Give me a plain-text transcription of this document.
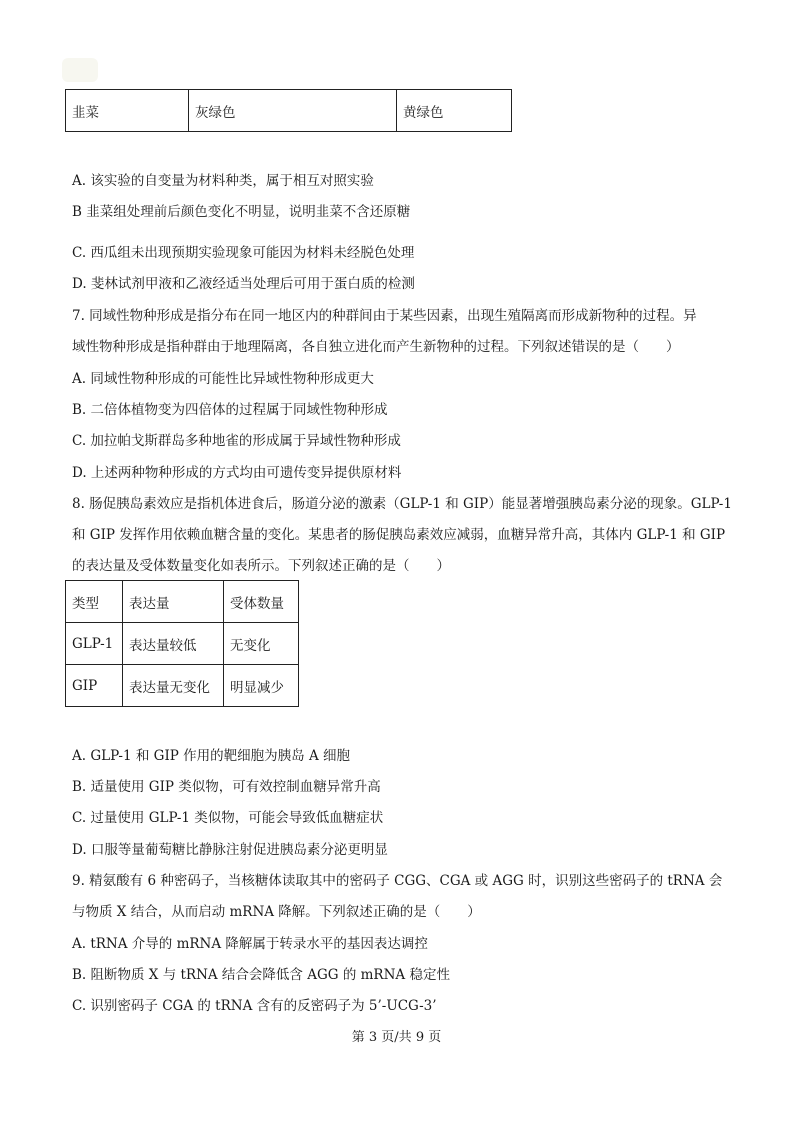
韭菜	灰绿色	黄绿色
A. 该实验的自变量为材料种类，属于相互对照实验
B 韭菜组处理前后颜色变化不明显，说明韭菜不含还原糖
C. 西瓜组未出现预期实验现象可能因为材料未经脱色处理
D. 斐林试剂甲液和乙液经适当处理后可用于蛋白质的检测
7. 同域性物种形成是指分布在同一地区内的种群间由于某些因素，出现生殖隔离而形成新物种的过程。异
域性物种形成是指种群由于地理隔离，各自独立进化而产生新物种的过程。下列叙述错误的是（　　）
A. 同域性物种形成的可能性比异域性物种形成更大
B. 二倍体植物变为四倍体的过程属于同域性物种形成
C. 加拉帕戈斯群岛多种地雀的形成属于异域性物种形成
D. 上述两种物种形成的方式均由可遗传变异提供原材料
8. 肠促胰岛素效应是指机体进食后，肠道分泌的激素（GLP-1 和 GIP）能显著增强胰岛素分泌的现象。GLP-1
和 GIP 发挥作用依赖血糖含量的变化。某患者的肠促胰岛素效应减弱，血糖异常升高，其体内 GLP-1 和 GIP
的表达量及受体数量变化如表所示。下列叙述正确的是（　　）
类型	表达量	受体数量
GLP-1	表达量较低	无变化
GIP	表达量无变化	明显减少
A. GLP-1 和 GIP 作用的靶细胞为胰岛 A 细胞
B. 适量使用 GIP 类似物，可有效控制血糖异常升高
C. 过量使用 GLP-1 类似物，可能会导致低血糖症状
D. 口服等量葡萄糖比静脉注射促进胰岛素分泌更明显
9. 精氨酸有 6 种密码子，当核糖体读取其中的密码子 CGG、CGA 或 AGG 时，识别这些密码子的 tRNA 会
与物质 X 结合，从而启动 mRNA 降解。下列叙述正确的是（　　）
A. tRNA 介导的 mRNA 降解属于转录水平的基因表达调控
B. 阻断物质 X 与 tRNA 结合会降低含 AGG 的 mRNA 稳定性
C. 识别密码子 CGA 的 tRNA 含有的反密码子为 5’-UCG-3’
第 3 页/共 9 页
